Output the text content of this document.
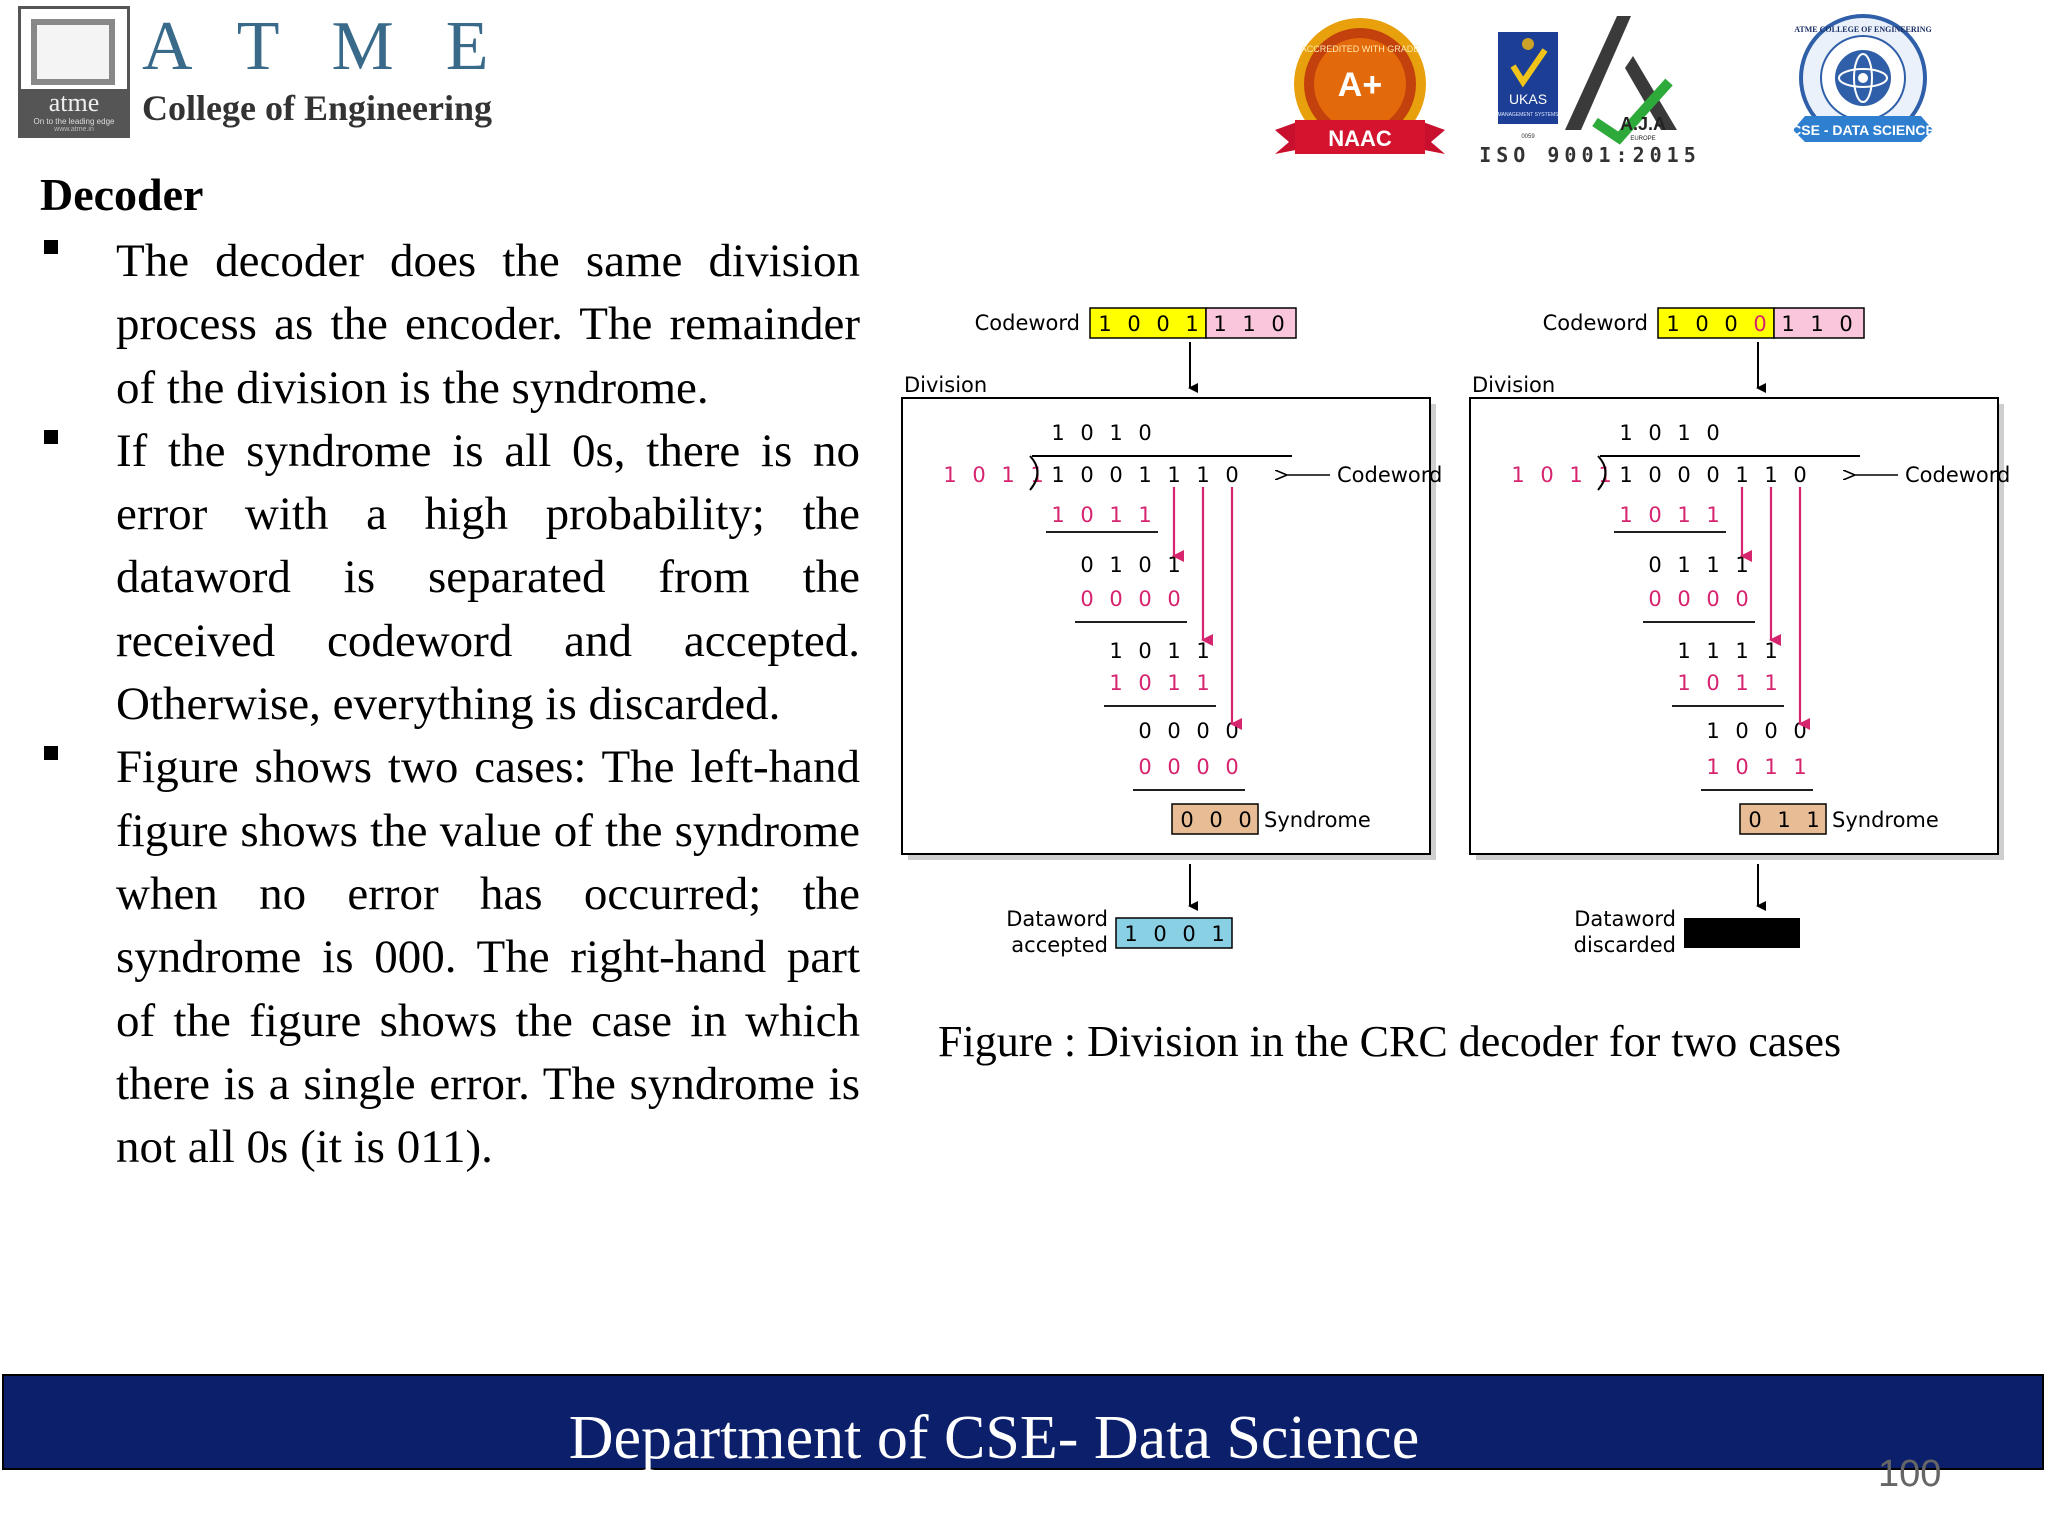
atme
On to the leading edge
www.atme.in
ATME
College of Engineering
A+
NAAC
ACCREDITED WITH GRADE
UKAS
MANAGEMENT SYSTEMS
0059
A.J.A
EUROPE
ISO 9001:2015
ATME COLLEGE OF ENGINEERING
CSE - DATA SCIENCE
Decoder
The decoder does the same division process as the encoder. The remainder of the division is the syndrome.
If the syndrome is all 0s, there is no error with a high probability; the dataword is separated from the received codeword and accepted. Otherwise, everything is discarded.
Figure shows two cases: The left-hand figure shows the value of the syndrome when no error has occurred; the syndrome is 000. The right-hand part of the figure shows the case in which there is a single error. The syndrome is not all 0s (it is 011).
Codeword 1 0 0 1 1 1 0
Division
1 0 1 0
1 0 1 1 1 0 0 1 1 1 0	Codeword
1 0 1 1
0 1 0 1
0 0 0 0
1 0 1 1
1 0 1 1
0 0 0 0
0 0 0 0
0 0 0 Syndrome
Dataword
accepted 1 0 0 1
Codeword 1 0 0 0 1 1 0
Division
1 0 1 0
1 0 1 1 1 0 0 0 1 1 0	Codeword
1 0 1 1
0 1 1 1
0 0 0 0
1 1 1 1
1 0 1 1
1 0 0 0
1 0 1 1
0 1 1 Syndrome
Dataword
discarded
Figure : Division in the CRC decoder for two cases
Department of CSE- Data Science
100
